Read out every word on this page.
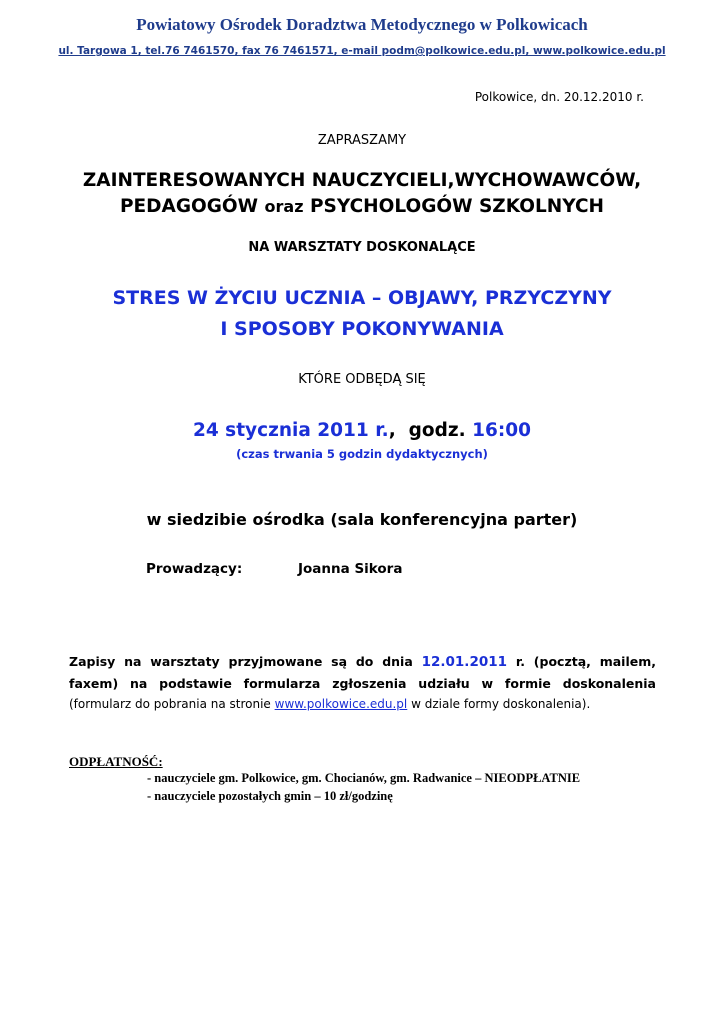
Powiatowy Ośrodek Doradztwa Metodycznego w Polkowicach
ul. Targowa 1, tel.76 7461570, fax 76 7461571, e-mail podm@polkowice.edu.pl, www.polkowice.edu.pl
Polkowice, dn. 20.12.2010 r.
ZAPRASZAMY
ZAINTERESOWANYCH NAUCZYCIELI,WYCHOWAWCÓW,
PEDAGOGÓW oraz PSYCHOLOGÓW SZKOLNYCH
NA WARSZTATY DOSKONALĄCE
STRES W ŻYCIU UCZNIA – OBJAWY, PRZYCZYNY
I SPOSOBY POKONYWANIA
KTÓRE ODBĘDĄ SIĘ
24 stycznia 2011 r., godz. 16:00
(czas trwania 5 godzin dydaktycznych)
w siedzibie ośrodka (sala konferencyjna parter)
Prowadzący:	Joanna Sikora
Zapisy na warsztaty przyjmowane są do dnia 12.01.2011 r. (pocztą, mailem,
faxem) na podstawie formularza zgłoszenia udziału w formie doskonalenia
(formularz do pobrania na stronie www.polkowice.edu.pl w dziale formy doskonalenia).
ODPŁATNOŚĆ:
- nauczyciele gm. Polkowice, gm. Chocianów, gm. Radwanice – NIEODPŁATNIE
- nauczyciele pozostałych gmin – 10 zł/godzinę
